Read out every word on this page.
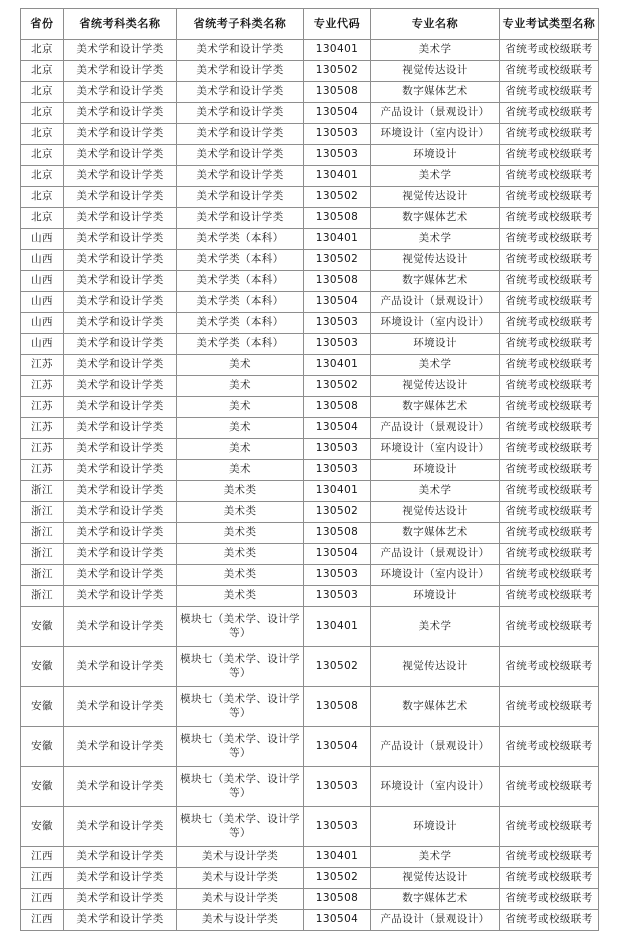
省份	省统考科类名称	省统考子科类名称	专业代码	专业名称	专业考试类型名称
北京	美术学和设计学类	美术学和设计学类	130401	美术学	省统考或校级联考
北京	美术学和设计学类	美术学和设计学类	130502	视觉传达设计	省统考或校级联考
北京	美术学和设计学类	美术学和设计学类	130508	数字媒体艺术	省统考或校级联考
北京	美术学和设计学类	美术学和设计学类	130504	产品设计（景观设计）	省统考或校级联考
北京	美术学和设计学类	美术学和设计学类	130503	环境设计（室内设计）	省统考或校级联考
北京	美术学和设计学类	美术学和设计学类	130503	环境设计	省统考或校级联考
北京	美术学和设计学类	美术学和设计学类	130401	美术学	省统考或校级联考
北京	美术学和设计学类	美术学和设计学类	130502	视觉传达设计	省统考或校级联考
北京	美术学和设计学类	美术学和设计学类	130508	数字媒体艺术	省统考或校级联考
山西	美术学和设计学类	美术学类（本科）	130401	美术学	省统考或校级联考
山西	美术学和设计学类	美术学类（本科）	130502	视觉传达设计	省统考或校级联考
山西	美术学和设计学类	美术学类（本科）	130508	数字媒体艺术	省统考或校级联考
山西	美术学和设计学类	美术学类（本科）	130504	产品设计（景观设计）	省统考或校级联考
山西	美术学和设计学类	美术学类（本科）	130503	环境设计（室内设计）	省统考或校级联考
山西	美术学和设计学类	美术学类（本科）	130503	环境设计	省统考或校级联考
江苏	美术学和设计学类	美术	130401	美术学	省统考或校级联考
江苏	美术学和设计学类	美术	130502	视觉传达设计	省统考或校级联考
江苏	美术学和设计学类	美术	130508	数字媒体艺术	省统考或校级联考
江苏	美术学和设计学类	美术	130504	产品设计（景观设计）	省统考或校级联考
江苏	美术学和设计学类	美术	130503	环境设计（室内设计）	省统考或校级联考
江苏	美术学和设计学类	美术	130503	环境设计	省统考或校级联考
浙江	美术学和设计学类	美术类	130401	美术学	省统考或校级联考
浙江	美术学和设计学类	美术类	130502	视觉传达设计	省统考或校级联考
浙江	美术学和设计学类	美术类	130508	数字媒体艺术	省统考或校级联考
浙江	美术学和设计学类	美术类	130504	产品设计（景观设计）	省统考或校级联考
浙江	美术学和设计学类	美术类	130503	环境设计（室内设计）	省统考或校级联考
浙江	美术学和设计学类	美术类	130503	环境设计	省统考或校级联考
安徽	美术学和设计学类	模块七（美术学、设计学等）	130401	美术学	省统考或校级联考
安徽	美术学和设计学类	模块七（美术学、设计学等）	130502	视觉传达设计	省统考或校级联考
安徽	美术学和设计学类	模块七（美术学、设计学等）	130508	数字媒体艺术	省统考或校级联考
安徽	美术学和设计学类	模块七（美术学、设计学等）	130504	产品设计（景观设计）	省统考或校级联考
安徽	美术学和设计学类	模块七（美术学、设计学等）	130503	环境设计（室内设计）	省统考或校级联考
安徽	美术学和设计学类	模块七（美术学、设计学等）	130503	环境设计	省统考或校级联考
江西	美术学和设计学类	美术与设计学类	130401	美术学	省统考或校级联考
江西	美术学和设计学类	美术与设计学类	130502	视觉传达设计	省统考或校级联考
江西	美术学和设计学类	美术与设计学类	130508	数字媒体艺术	省统考或校级联考
江西	美术学和设计学类	美术与设计学类	130504	产品设计（景观设计）	省统考或校级联考
